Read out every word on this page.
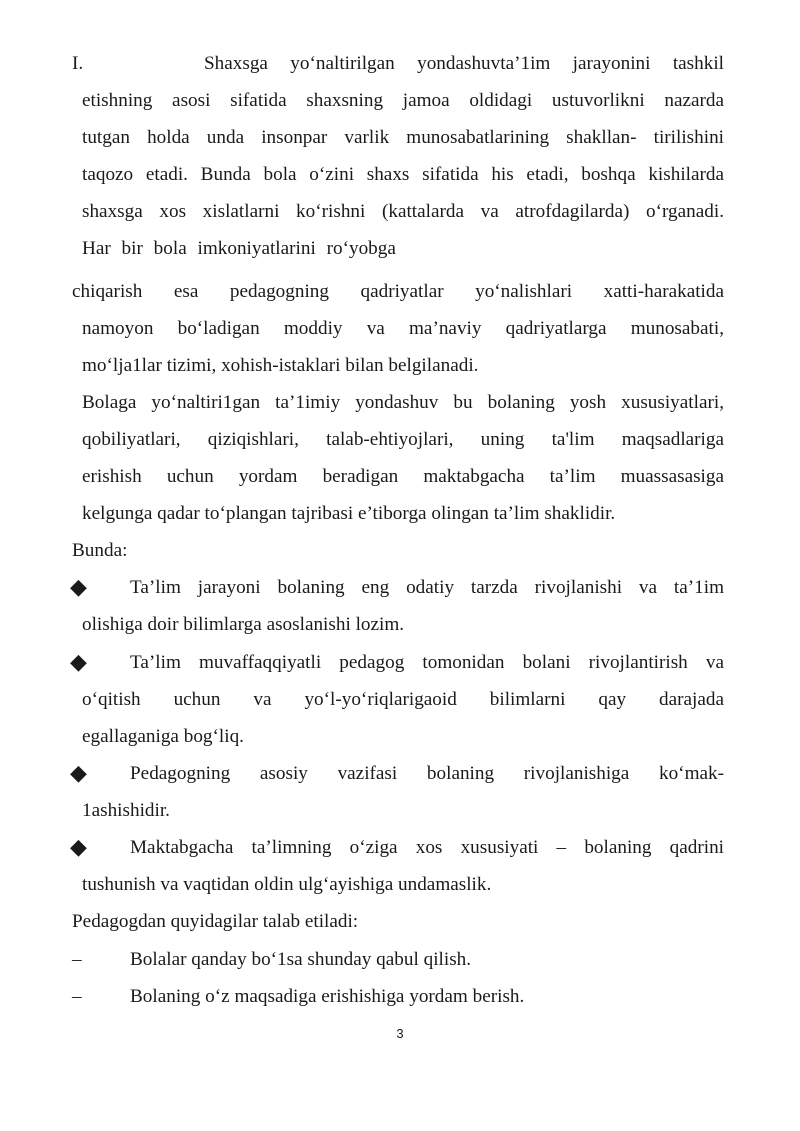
I.	Shaxsga yo‘naltirilgan yondashuvta’1im jarayonini tashkil
etishning asosi sifatida shaxsning jamoa oldidagi ustuvorlikni nazarda
tutgan holda unda insonpar varlik munosabatlarining shakllan- tirilishini
taqozo etadi. Bunda bola o‘zini shaxs sifatida his etadi, boshqa kishilarda
shaxsga xos xislatlarni ko‘rishni (kattalarda va atrofdagilarda) o‘rganadi.
Har bir bola imkoniyatlarini ro‘yobga
chiqarish esa pedagogning qadriyatlar yo‘nalishlari xatti-harakatida
namoyon bo‘ladigan moddiy va ma’naviy qadriyatlarga munosabati,
mo‘lja1lar tizimi, xohish-istaklari bilan belgilanadi.
Bolaga yo‘naltiri1gan ta’1imiy yondashuv bu bolaning yosh xususiyatlari,
qobiliyatlari, qiziqishlari, talab-ehtiyojlari, uning ta'lim maqsadlariga
erishish uchun yordam beradigan maktabgacha ta’lim muassasasiga
kelgunga qadar to‘plangan tajribasi e’tiborga olingan ta’lim shaklidir.
Bunda:
◆ Ta’lim jarayoni bolaning eng odatiy tarzda rivojlanishi va ta’1im
olishiga doir bilimlarga asoslanishi lozim.
◆ Ta’lim muvaffaqqiyatli pedagog tomonidan bolani rivojlantirish va
o‘qitish uchun va yo‘l-yo‘riqlarigaoid bilimlarni qay darajada
egallaganiga bog‘liq.
◆ Pedagogning asosiy vazifasi bolaning rivojlanishiga ko‘mak-
1ashishidir.
◆ Maktabgacha ta’limning o‘ziga xos xususiyati – bolaning qadrini
tushunish va vaqtidan oldin ulg‘ayishiga undamaslik.
Pedagogdan quyidagilar talab etiladi:
–	Bolalar qanday bo‘1sa shunday qabul qilish.
–	Bolaning o‘z maqsadiga erishishiga yordam berish.
3
